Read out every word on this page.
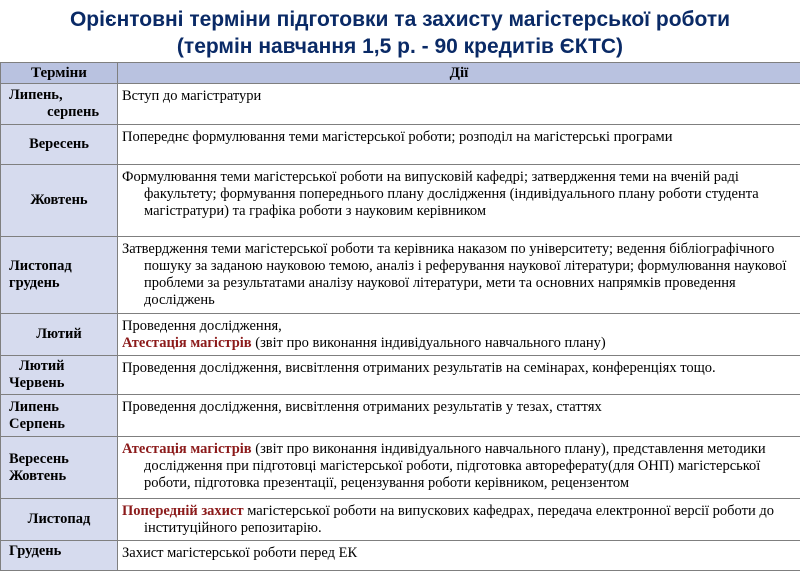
Орієнтовні терміни підготовки та захисту магістерської роботи
(термін навчання 1,5 р. - 90 кредитів ЄКТС)
Терміни	Дії

Липень,
серпень	Вступ до магістратури

Вересень	Попереднє формулювання теми магістерської роботи; розподіл на магістерські програми

Жовтень	Формулювання теми магістерської роботи на випусковій кафедрі; затвердження теми на вченій раді факультету; формування попереднього плану дослідження (індивідуального плану роботи студента магістратури) та графіка роботи з науковим керівником

Листопад
грудень	Затвердження теми магістерської роботи та керівника наказом по університету; ведення бібліографічного пошуку за заданою науковою темою, аналіз і реферування наукової літератури; формулювання наукової проблеми за результатами аналізу наукової літератури, мети та основних напрямків проведення досліджень

Лютий	Проведення дослідження,
Атестація магістрів (звіт про виконання індивідуального навчального плану)

Лютий
Червень	Проведення дослідження, висвітлення отриманих результатів на семінарах, конференціях тощо.

Липень
Серпень	Проведення дослідження, висвітлення отриманих результатів у тезах, статтях

Вересень
Жовтень	Атестація магістрів (звіт про виконання індивідуального навчального плану), представлення методики дослідження при підготовці магістерської роботи, підготовка автореферату(для ОНП) магістерської роботи, підготовка презентації, рецензування роботи керівником, рецензентом

Листопад	Попередній захист магістерської роботи на випускових кафедрах, передача електронної версії роботи до інституційного репозитарію.

Грудень	Захист магістерської роботи перед ЕК
